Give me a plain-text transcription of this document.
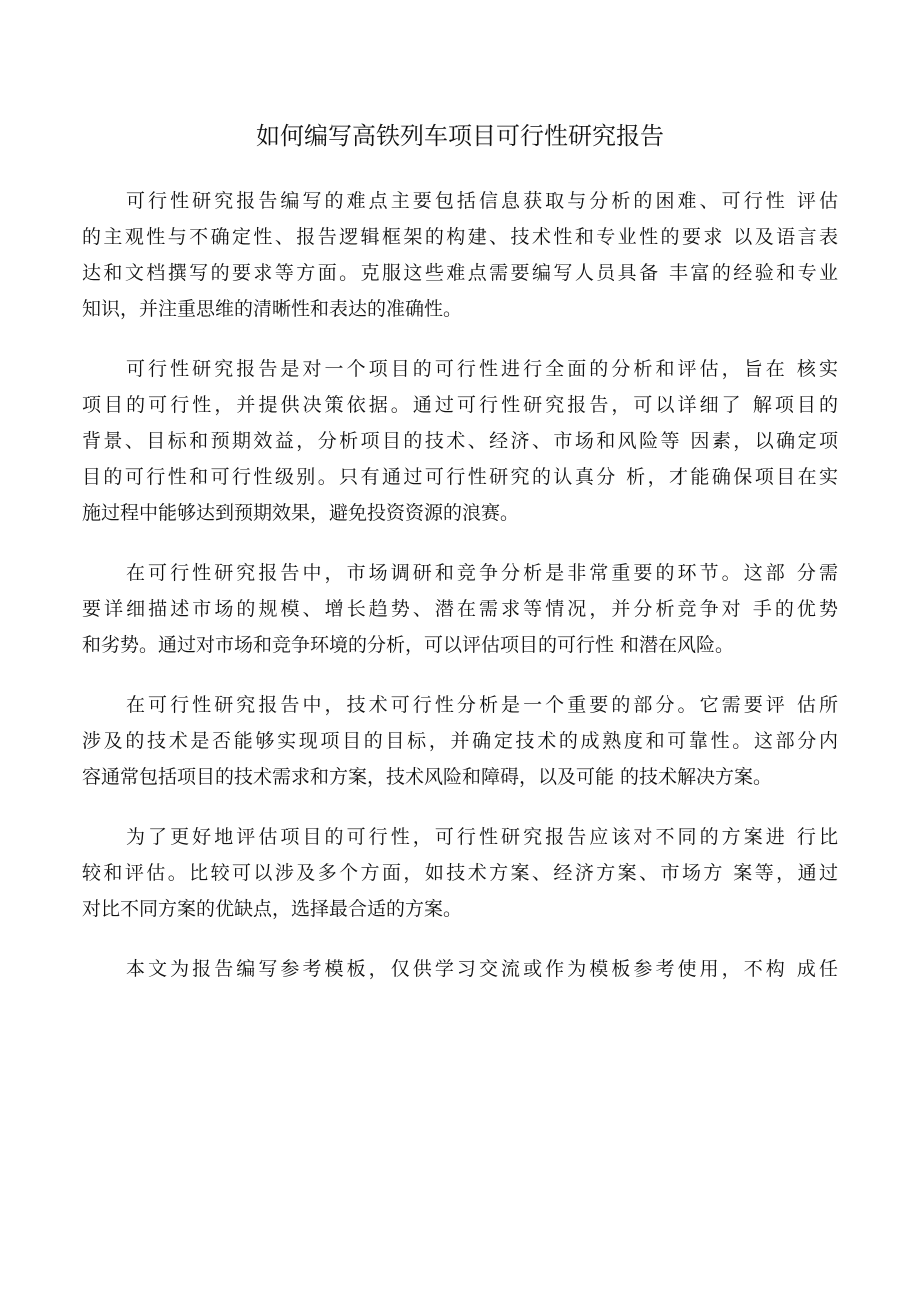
如何编写高铁列车项目可行性研究报告

可行性研究报告编写的难点主要包括信息获取与分析的困难、可行性 评估
的主观性与不确定性、报告逻辑框架的构建、技术性和专业性的要求 以及语言表
达和文档撰写的要求等方面。克服这些难点需要编写人员具备 丰富的经验和专业
知识，并注重思维的清晰性和表达的准确性。

可行性研究报告是对一个项目的可行性进行全面的分析和评估，旨在 核实
项目的可行性，并提供决策依据。通过可行性研究报告，可以详细了 解项目的
背景、目标和预期效益，分析项目的技术、经济、市场和风险等 因素，以确定项
目的可行性和可行性级别。只有通过可行性研究的认真分 析，才能确保项目在实
施过程中能够达到预期效果，避免投资资源的浪赛。

在可行性研究报告中，市场调研和竞争分析是非常重要的环节。这部 分需
要详细描述市场的规模、增长趋势、潜在需求等情况，并分析竞争对 手的优势
和劣势。通过对市场和竞争环境的分析，可以评估项目的可行性 和潜在风险。

在可行性研究报告中，技术可行性分析是一个重要的部分。它需要评 估所
涉及的技术是否能够实现项目的目标，并确定技术的成熟度和可靠性。这部分内
容通常包括项目的技术需求和方案，技术风险和障碍，以及可能 的技术解决方案。

为了更好地评估项目的可行性，可行性研究报告应该对不同的方案进 行比
较和评估。比较可以涉及多个方面，如技术方案、经济方案、市场方 案等，通过
对比不同方案的优缺点，选择最合适的方案。

本文为报告编写参考模板，仅供学习交流或作为模板参考使用，不构 成任
